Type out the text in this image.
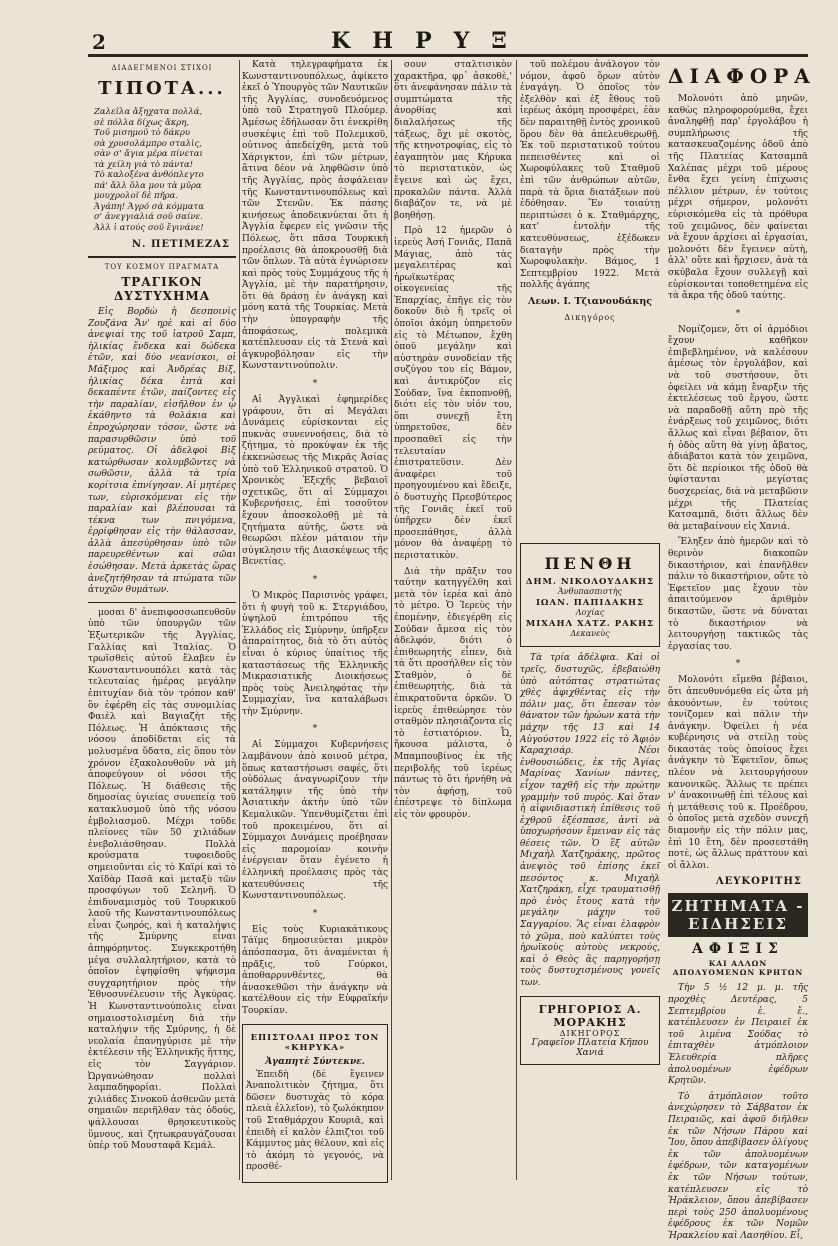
2	ΚΗΡΥΞ
ΔΙΑΔΕΓΜΕΝΟΙ ΣΤΙΧΟΙ
ΤΙΠΟΤΑ...
Ζαλεῖλα ἄξηχατα πολλά,
σὲ πόλλα δίχως ἄκρη,
Τοῦ μισημοῦ τὸ δάκρυ
σὰ χρυσολάμπρο σταλὶς,
σὰν σ' ἄγια μέρα πίνεται
τὰ χείλη γιὰ τὸ πάντα!
Τὸ καλοξένα ἀνθόπλεγτο
πά' ἄλλ ὅλα μου τὰ μῦρα
μουχρολοῖ δὲ πῆρα.
Ἀγάπη! Ἀγρό σὰ κόμματα
σ' ἀνεγγιαλιά σοῦ σαίνε.
Ἀλλ ἰ ατούς σοῦ ἔγινάνε!
Ν. ΠΕΤΙΜΕΖΑΣ
ΤΟΥ ΚΟΣΜΟΥ ΠΡΑΓΜΑΤΑ
ΤΡΑΓΙΚΟΝ ΔΥΣΤΥΧΗΜΑ

Εἰς Βορδὼ ἡ δεσποινὶς Ζουζάνα Ἄν' ηρὲ καὶ αἱ δύο ἀνεψιαὶ της τοῦ ἰατροῦ Σαμπ, ἡλικίας ἕνδεκα καὶ δώδεκα ἐτῶν, καὶ δύο νεανίσκοι, οἱ Μάξιμος καὶ Ἀνδρέας Βίξ, ἡλικίας δέκα ἑπτὰ καὶ δεκαπέντε ἐτῶν, παίζοντες εἰς τὴν παραλίαν, εἰσῆλθον ἐν ᾧ ἐκάθηντο τὰ θολάκια καὶ ἐπροχώρησαν τόσον, ὥστε νὰ παρασυρθῶσιν ὑπὸ τοῦ ρεύματος. Οἱ ἀδελφοὶ Βὶξ κατώρθωσαν κολυμβῶντες νὰ σωθῶσιν, ἀλλὰ τὰ τρία κορίτσια ἐπνίγησαν. Αἱ μητέρες των, εὑρισκόμεναι εἰς τὴν παραλίαν καὶ βλέπουσαι τὰ τέκνα των πνιγόμενα, ἐρρίφθησαν εἰς τὴν θάλασσαν, ἀλλὰ ἀπεσύρθησαν ὑπὸ τῶν παρευρεθέντων καὶ σῶαι ἐσώθησαν. Μετὰ ἀρκετὰς ὥρας ἀνεζητήθησαν τὰ πτώματα τῶν ἀτυχῶν θυμάτων.

μοσαι δ' ἀνεπιφοσσωπευθοῦν ὑπὸ τῶν ὑπουργῶν τῶν Ἐξωτερικῶν τῆς Ἀγγλίας, Γαλλίας καὶ Ἰταλίας. Ὁ τρωϊσθεὶς αὐτοῦ ἔλαβεν ἐν Κωνσταντινουπόλει κατὰ τὰς τελευταίας ἡμέρας μεγάλην ἐπιτυχίαν διὰ τὸν τρόπον καθ' ὃν ἐφέρθη εἰς τὰς συνομιλίας Φαιὲλ καὶ Βαγιαζὴτ τῆς Πόλεως. Ἡ ἀπόκτασις τῆς νόσου ἀποδίδεται εἰς τὰ μολυσμένα ὕδατα, εἰς ὅπου τὸν χρόνον ἐξακολουθοῦν νὰ μὴ ἀποφεύγουν οἱ νόσοι τῆς Πόλεως. Ἡ διάθεσις τῆς δημοσίας ὑγιείας συνεπείᾳ τοῦ κατακλυσμοῦ ὑπὸ τῆς νόσου ἐμβολιασμοῦ. Μέχρι τοῦδε πλείονες τῶν 50 χιλιάδων ἐνεβολιάσθησαν. Πολλὰ κρούσματα τυφοειδοῦς σημειοῦνται εἰς τὸ Καϊρί καὶ τὸ Χαϊδὰρ Πασᾶ καὶ μεταξὺ τῶν προσφύγων τοῦ Σεληνῆ. Ὁ ἐπιδυναμισμὸς τοῦ Τουρκικοῦ λαοῦ τῆς Κωνσταντινουπόλεως εἶναι ζωηρός, καὶ ἡ καταλήψις τῆς Σμύρνης εἶναι ἀπηφόρηντος. Συγκεκροτήθη μέγα συλλαλητήριον, κατὰ τὸ ὁποῖον ἐψηφίσθη ψήφισμα συγχαρητήριον πρὸς τὴν Ἐθνοσυνέλευσιν τῆς Ἀγκύρας. Ἡ Κωνσταντινούπολις εἶναι σημαιοστολισμένη διὰ τὴν καταλήψιν τῆς Σμύρνης, ἡ δὲ νεολαία ἐπανηγύρισε μὲ τὴν ἐκτέλεσιν τῆς Ἑλληνικῆς ἥττης, εἰς τὸν Σαγγάριον. Ὠργανώθησαν πολλαὶ λαμπαδηφορίαι. Πολλαὶ χιλιάδες Σινοκοῦ ἀσθενῶν μετὰ σημαιῶν περιῆλθαν τὰς ὁδούς, ψάλλουσαι θρησκευτικοὺς ὕμνους, καὶ ζητωκραυγάζουσαι ὑπὲρ τοῦ Μουσταφᾶ Κεμάλ.

Κατὰ τηλεγραφήματα ἐκ Κωνσταντινουπόλεως, ἀφίκετο ἐκεῖ ὁ Ὑπουργὸς τῶν Ναυτικῶν τῆς Ἀγγλίας, συνοδευόμενος ὑπὸ τοῦ Στρατηγοῦ Πλούμερ. Ἀμέσως ἐδήλωσαν ὅτι ἐνεκρίθη συσκέψις ἐπὶ τοῦ Πολεμικοῦ, οὐτινος ἀπεδείχθη, μετὰ τοῦ Χάριγκτον, ἐπὶ τῶν μέτρων, ἅτινα δέον νὰ ληφθῶσιν ὑπὸ τῆς Ἀγγλίας, πρὸς ἀσφάλειαν τῆς Κωνσταντινουπόλεως καὶ τῶν Στενῶν. Ἐκ πάσης κινήσεως ἀποδεικνύεται ὅτι ἡ Ἀγγλία ἔφερεν εἰς γνῶσιν τῆς Πόλεως, ὅτι πᾶσα Τουρκικὴ προέλασις θὰ ἀποκρουσθῇ διὰ τῶν ὅπλων. Τὰ αὐτὰ ἐγνώρισεν καὶ πρὸς τοὺς Συμμάχους τῆς ἡ Ἀγγλία, μὲ τὴν παρατήρησιν, ὅτι θὰ δράσῃ ἐν ἀνάγκῃ καὶ μόνη κατὰ τῆς Τουρκίας. Μετὰ τὴν ὑπογραφὴν τῆς ἀποφάσεως, πολεμικὰ κατέπλευσαν εἰς τὰ Στενὰ καὶ ἀγκυροβόλησαν εἰς τὴν Κωνσταντινούπολιν.

*

Αἱ Ἀγγλικαὶ ἐφημερίδες γράφουν, ὅτι αἱ Μεγάλαι Δυνάμεις εὑρίσκονται εἰς πυκνὰς συνεννοήσεις, διὰ τὸ ζήτημα, τὸ προκύψαν ἐκ τῆς ἐκκενώσεως τῆς Μικρᾶς Ἀσίας ὑπὸ τοῦ Ἑλληνικοῦ στρατοῦ. Ὁ Χρονικὸς Ἐξεχῆς βεβαιοῖ σχετικῶς, ὅτι αἱ Σύμμαχοι Κυβερνήσεις, ἐπὶ τοσοῦτον ἔχουν ἀποσκολοθῇ μὲ τὰ ζητήματα αὐτῆς, ὥστε νὰ θεωρῶσι πλέον μάταιον τὴν σύγκλησιν τῆς Διασκέψεως τῆς Βενετίας.

*

Ὁ Μικρὸς Παρισινὸς γράφει, ὅτι ἡ φυγὴ τοῦ κ. Στεργιάδου, ὑψηλοῦ ἐπιτρόπου τῆς Ἑλλάδος εἰς Σμύρνην, ὑπῆρξεν ἀπαραίτητος, διὰ τὸ ὅτι αὐτὸς εἶναι ὁ κύριος ὑπαίτιος τῆς καταστάσεως τῆς Ἑλληνικῆς Μικρασιατικῆς Διοικήσεως πρὸς τοὺς Ἀνειληφότας τὴν Συμμαχίαν, ἵνα καταλάβωσι τὴν Σμύρνην.

*

Αἱ Σύμμαχοι Κυβερνήσεις λαμβάνουν ἀπὸ κοινοῦ μέτρα, ὅπως καταστήσωσι σαφές, ὅτι οὐδόλως ἀναγνωρίζουν τὴν κατάληψιν τῆς ὑπὸ τὴν Ἀσιατικὴν ἀκτὴν ὑπὸ τῶν Κεμαλικῶν. Ὑπενθυμίζεται ἐπὶ τοῦ προκειμένου, ὅτι αἱ Σύμμαχοι Δυνάμεις προέβησαν εἰς παρομοίαν κοινὴν ἐνέργειαν ὅταν ἐγένετο ἡ ἑλληνικὴ προέλασις πρὸς τὰς κατευθύνσεις τῆς Κωνσταντινουπόλεως.

*

Εἰς τοὺς Κυριακάτικους Τάϊμς δημοσιεύεται μικρὸν ἀπόσπασμα, ὅτι ἀναμένεται ἡ πρᾶξις, τοῦ Γούρκοι, ἀποθαρρυνθέντες, θὰ ἀνασκεθῶσι τὴν ἀνάγκην νὰ κατέλθουν εἰς τὴν Εὐφραϊκήν Τουρκίαν.

ΕΠΙΣΤΟΛΑΙ ΠΡΟΣ ΤΟΝ «ΚΗΡΥΚΑ»
Ἀγαπητὲ Σύντεκνε.

Ἐπειδὴ (δὲ ἔγεινεν Ἀναπολιτικὸν ζήτημα, ὅτι δῶσεν δυστυχὰς τὸ κόρα πλειὰ ἐλλεῖον), τὸ ζωλόκηπον τοῦ Σταθμάρχου Κουριᾶ, καὶ ἐπειδὴ εἰ καλὸν ἐλπιζτοι τοῦ Κάμμυτος μὰς θέλουν, καὶ εἰς τὸ ἀκόμη τὸ γεγονός, νὰ προσθέ-

σουν σταλτισικὸν χαρακτῆρα, φρ᾽ ἀσκοθὲ,' ὅτι ἀνεφάνησαν πάλιν τὰ συμπτώματα τῆς ἀνορθίας καὶ διαλαλήσεως τῆς τάξεως, ὅχι μὲ σκοτὸς, τῆς κτηνοτροφίας, εἰς τὸ ἐαγαπητὸν μας Κήρυκα τὸ περιστατικὸν, ὡς ἔγεινε καὶ ὡς ἔχει, προκαλῶν πάντα. Ἀλλὰ διαβάζον τε, νὰ μὲ βοηθήσῃ.

Πρὸ 12 ἡμερῶν ὁ ἱερεὺς Ἀσή Γονιᾶς, Παπᾶ Μάγιας, ἀπὸ τὰς μεγαλειτέρας καὶ ἡρωϊκωτέρας οἰκογενείας τῆς Ἐπαρχίας, ἐπῆγε εἰς τὸν δοκοῦν διὸ ἢ τρεῖς οἱ ὁποῖοι ἀκόμη ὑπηρετοῦν εἰς τὸ Μέτωπον, ἔχθη ὁποῦ μεγάλην καὶ αὐστηρὰν συνοδείαν τῆς συζύγου του εἰς Βάμον, καὶ ἀντικρύζον εἰς Σούδαν, ἴνα ἐκποπνοθῇ, διότι εἰς τὸν υἱόν του, ὅπι συνεχῇ ἔτη ὑπηρετοῦσε, δὲν προσπαθεῖ εἰς τὴν τελευταίαν ἐπιστρατεῦσιν. Δὲν ἀναφέρει τοῦ προηγουμένου καὶ ἔδειξε, ὁ δυστυχὴς Πρεσβύτερος τῆς Γονιᾶς ἐκεῖ τοῦ ὑπῆρχεν δὲν ἐκεῖ προσεπάθησε, ἀλλὰ μόνον θὰ ἀναφέρῃ τὸ περιστατικὸν.

Διὰ τὴν πρᾶξιν του ταύτην κατηγγέλθη καὶ μετὰ τὸν ἱερέα καὶ ἀπὸ τὸ μέτρο. Ὁ Ἱερεὺς τὴν ἑπομένην, ἐδιεγέρθη εἰς Σούδαν ἄμεσα εἰς τὸν ἀδελφόν, διότι ὁ ἐπιθεωρητὴς εἶπεν, διὰ τὰ ὅτι προσήλθεν εἰς τὸν Σταθμὸν, ὁ δὲ ἐπιθεωρητὴς, διὰ τὰ ἐπικρατοῦντα ὁρκῶν. Ὁ ἱερεὺς ἐπιθεώρησε τὸν σταθμὸν πλησιάζοντα εἰς τὸ ἑστιατόριον. Ὦ, ἤκουσα μάλιστα, ὁ Μπαμπουβίνος ἐκ τῆς περιβολῆς τοῦ ἱερέως πάντως τὸ ὅτι ἠρνήθη νὰ τὸν ἀφήσῃ, τοῦ ἐπέστρεψε τὸ δίπλωμα εἰς τὸν φρουρὸν.

τοῦ πολέμου ἀνάλογον τὸν νόμον, ἀφοῦ ὅρων αὐτὸν ἐναγάγη. Ὁ ὁποῖος τὸν ἐξελθὸν καὶ ἐξ ἔθους τοῦ ἱερέως ἀκόμη προσφέρει, ἐὰν δὲν παραιτηθῇ ἐντὸς χρονικοῦ ὅρου δὲν θὰ ἀπελευθερωθῇ. Ἐκ τοῦ περιστατικοῦ τούτου πεπεισθέντες καὶ οἱ Χωροφύλακες τοῦ Σταθμοῦ ἐπὶ τῶν ἀνθρώπων αὐτῶν, παρὰ τὰ ὅρια διατάξεων ποὺ ἐδόθησαν. Ἔν τοιαύτῃ περιπτώσει ὁ κ. Σταθμάρχης, κατ' ἐντολὴν τῆς κατευθύνσεως, ἐξέδωκεν διαταγὴν πρὸς τὴν Χωροφυλακὴν. Βάμος, 1 Σεπτεμβρίου 1922. Μετὰ πολλῆς ἀγάπης

Λεων. Ι. Τζιανουδάκης
Δικηγόρος
ΔΙΑΦΟΡΑ

Μολονότι ἀπὸ μηνῶν, καθὼς πληροφορούμεθα, ἔχει ἀναληφθῇ παρ' ἐργολάβου ἡ συμπλήρωσις τῆς κατασκευαζομένης ὁδοῦ ἀπὸ τῆς Πλατείας Κατσαμπᾶ Χαλέπας μέχρι τοῦ μέρους ἔνθα ἔχει γείνη ἐπίχωσις πέλλιον μέτρων, ἐν τούτοις μέχρι σήμερον, μολονότι εὑρισκόμεθα εἰς τὰ πρόθυρα τοῦ χειμῶνος, δὲν φαίνεται νὰ ἔχουν ἀρχίσει αἱ ἐργασίαι, μολονότι δὲν ἔγεινεν αὐτὴ, ἀλλ' οὔτε καὶ ἤρχισεν, ἀνὰ τὰ σκύβαλα ἔχουν συλλεγῇ καὶ εὑρίσκονται τοποθετημένα εἰς τὰ ἄκρα τῆς ὁδοῦ ταύτης.

*

Νομίζομεν, ὅτι οἱ ἁρμόδιοι ἔχουν καθῆκον ἐπιβεβλημένον, νὰ καλέσουν ἀμέσως τὸν ἐργολάβον, καὶ νὰ τοῦ συστήσουν, ὅτι ὀφείλει νὰ κάμῃ ἔναρξιν τῆς ἐκτελέσεως τοῦ ἔργου, ὥστε νὰ παραδοθῇ αὕτη πρὸ τῆς ἐνάρξεως τοῦ χειμῶνος, διότι ἄλλως καὶ εἶναι βέβαιον, ὅτι ἡ ὁδὸς αὕτη θὰ γίνῃ ἄβατος, ἀδιάβατοι κατὰ τὸν χειμῶνα, ὅτι δὲ περίοικοι τῆς ὁδοῦ θὰ ὑφίστανται μεγίστας δυσχερείας, διὰ νὰ μεταβῶσιν μέχρι τῆς Πλατείας Κατσαμπᾶ, διότι ἄλλως δὲν θὰ μεταβαίνουν εἰς Χανιά.

ΠΕΝΘΗ
ΔΗΜ. ΝΙΚΟΛΟΥΔΑΚΗΣ
Ἀνθυπασπιστὴς
ΙΩΑΝ. ΠΑΠΙΔΑΚΗΣ
Λοχίας
ΜΙΧΑΗΛ ΧΑΤΖ. ΡΑΚΗΣ
Δεκανεὺς

Τὰ τρία ἀδέλφια. Καὶ οἱ τρεῖς, δυστυχῶς, ἐβεβαιώθη ὑπὸ αὐτόπτας στρατιώτας χθὲς ἀφιχθέντας εἰς τὴν πόλιν μας, ὅτι ἔπεσαν τὸν θάνατον τῶν ἡρώων κατὰ τὴν μάχην τῆς 13 καὶ 14 Αὐγούστου 1922 εἰς τὸ Ἀφιὸν Καραχισάρ. Νέοι ἐνθουσιώδεις, ἐκ τῆς Ἁγίας Μαρίνας Χανίων πάντες, εἶχον ταχθῆ εἰς τὴν πρώτην γραμμὴν τοῦ πυρὸς. Καὶ ὅταν ἡ αἰφνιδιαστικὴ ἐπίθεσις τοῦ ἐχθροῦ ἐξέσπασε, ἀντὶ νὰ ὑποχωρήσουν ἔμειναν εἰς τὰς θέσεις τῶν. Ὁ ἓξ αὐτῶν Μιχαὴλ Χατζηράκης, πρῶτος ἀνεψιὸς τοῦ ἐπίσης ἐκεῖ πεσόντος κ. Μιχαὴλ Χατζηράκη, εἶχε τραυματισθῇ πρὸ ἐνὸς ἔτους κατὰ τὴν μεγάλην μάχην τοῦ Σαγγαρίου. Ἂς εἶναι ἐλαφρὸν τὸ χῶμα, ποὺ καλύπτει τοὺς ἡρωϊκοὺς αὐτοὺς νεκρούς, καὶ ὁ Θεὸς ἂς παρηγορήσῃ τοὺς δυστυχισμένους γονεῖς των.

ΓΡΗΓΟΡΙΟΣ Α. ΜΟΡΑΚΗΣ
ΔΙΚΗΓΟΡΟΣ
Γραφεῖον Πλατεία Κῆπου Χανιά

Ἔληξεν ἀπὸ ἡμερῶν καὶ τὸ θερινὸν διακοπῶν δικαστήριον, καὶ ἐπανῆλθεν πάλιν τὸ δικαστήριον, οὔτε τὸ Ἐφετεῖον μας ἔχουν τὸν ἀπαιτούμενον ἀριθμὸν δικαστῶν, ὥστε νὰ δύναται τὸ δικαστήριον νὰ λειτουργήσῃ τακτικῶς τὰς ἐργασίας του.

*

Μολονότι εἴμεθα βέβαιοι, ὅτι ἀπευθυνόμεθα εἰς ὦτα μὴ ἀκουόντων, ἐν τούτοις τονίζομεν καὶ πάλιν τὴν ἀνάγκην. Ὀφείλει ἡ νέα κυβέρνησις νὰ στείλῃ τοὺς δικαστὰς τοὺς ὁποίους ἔχει ἀνάγκην τὸ Ἐφετεῖον, ὅπως πλέον νὰ λειτουργήσουν κανονικῶς. Ἄλλως τε πρέπει ν' ἀνακοινωθῇ ἐπὶ τέλους καὶ ἡ μετάθεσις τοῦ κ. Προέδρου, ὁ ὁποῖος μετὰ σχεδὸν συνεχῆ διαμονὴν εἰς τὴν πόλιν μας, ἐπὶ 10 ἔτη, δὲν προσεστάθη ποτὲ, ὡς ἄλλως πράττουν καὶ οἱ ἄλλοι.

ΛΕΥΚΟΡΙΤΗΣ
ΖΗΤΗΜΑΤΑ - ΕΙΔΗΣΕΙΣ
ΑΦΙΞΙΣ
ΚΑΙ ΑΛΛΩΝ ΑΠΟΛΥΟΜΕΝΩΝ ΚΡΗΤΩΝ

Τὴν 5 ½ 12 μ. μ. τῆς προχθὲς Δευτέρας, 5 Σεπτεμβρίου ἐ. ἔ., κατέπλευσεν ἐν Πειραιεῖ ἐκ τοῦ λιμένα Σούδας τὸ ἐπιταχθὲν ἀτμόπλοιον Ἐλευθερία πλῆρες ἀπολυομένων ἐφέδρων Κρητῶν.

Τὸ ἀτμόπλοιον τοῦτο ἀνεχώρησεν τὸ Σάββατον ἐκ Πειραιῶς, καὶ ἀφοῦ διῆλθεν ἐκ τῶν Νήσων Πάρου καὶ Ἴου, ὅπου ἀπεβίβασεν ὀλίγους ἐκ τῶν ἀπολυομένων ἐφέδρων, τῶν καταγομένων ἐκ τῶν Νήσων τούτων, κατέπλευσεν εἰς τὸ Ἡράκλειον, ὅπου ἀπεβίβασεν περὶ τοὺς 250 ἀπολυομένους ἐφέδρους ἐκ τῶν Νομῶν Ἡρακλείου καὶ Λασηθίου. Εἶ,
